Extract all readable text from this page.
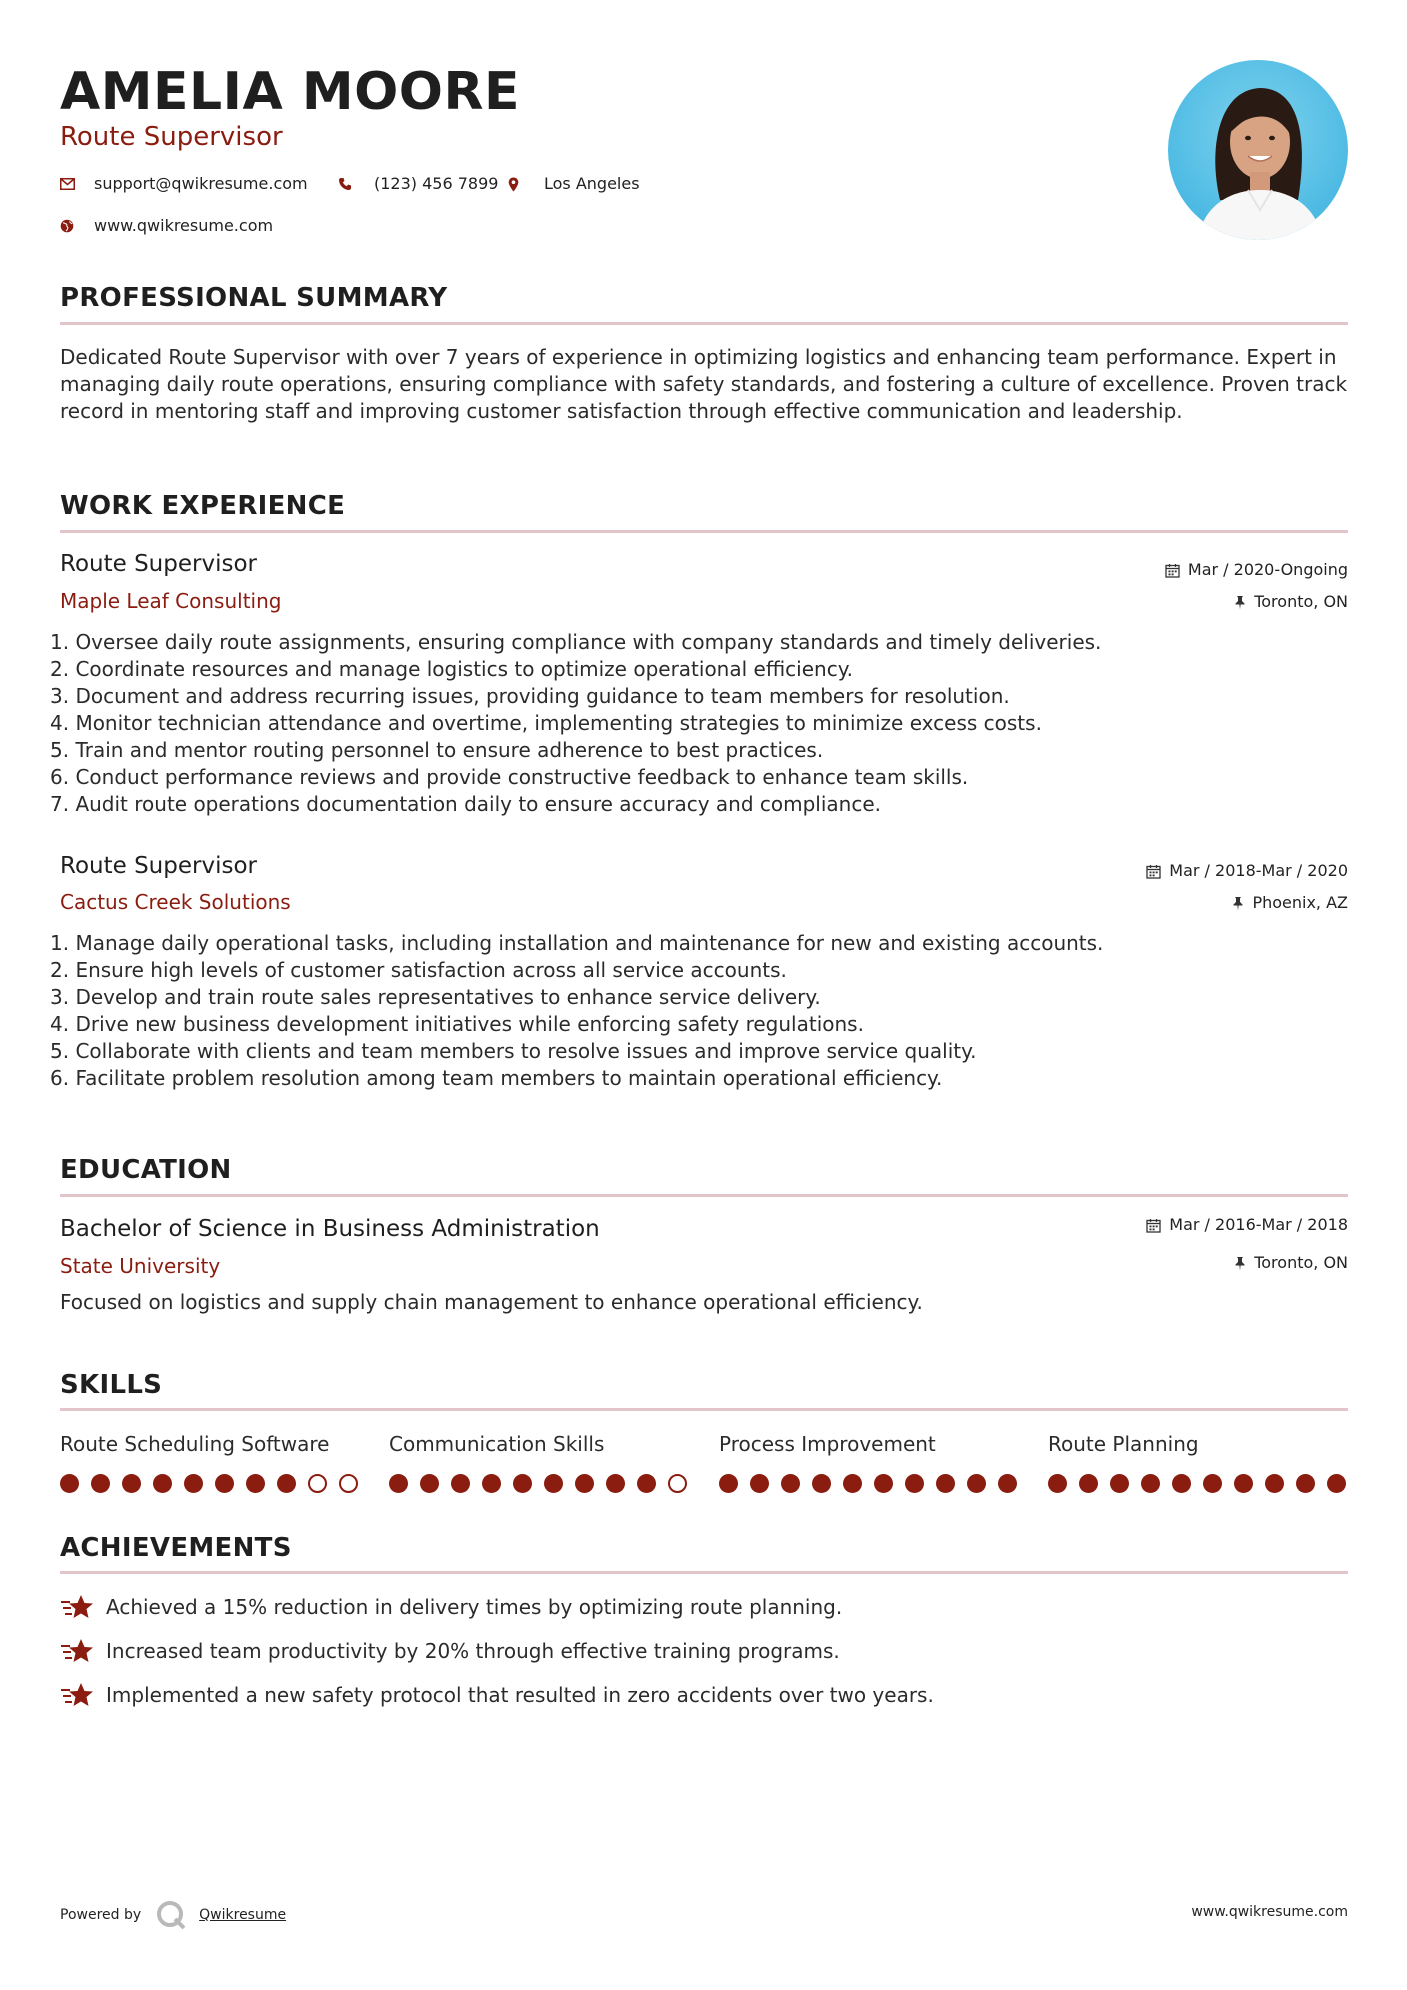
AMELIA MOORE
Route Supervisor
support@qwikresume.com	(123) 456 7899	Los Angeles
www.qwikresume.com
PROFESSIONAL SUMMARY
Dedicated Route Supervisor with over 7 years of experience in optimizing logistics and enhancing team performance. Expert in managing daily route operations, ensuring compliance with safety standards, and fostering a culture of excellence. Proven track record in mentoring staff and improving customer satisfaction through effective communication and leadership.
WORK EXPERIENCE
Route Supervisor
Maple Leaf Consulting
Mar / 2020-Ongoing
Toronto, ON
1. Oversee daily route assignments, ensuring compliance with company standards and timely deliveries.
2. Coordinate resources and manage logistics to optimize operational efficiency.
3. Document and address recurring issues, providing guidance to team members for resolution.
4. Monitor technician attendance and overtime, implementing strategies to minimize excess costs.
5. Train and mentor routing personnel to ensure adherence to best practices.
6. Conduct performance reviews and provide constructive feedback to enhance team skills.
7. Audit route operations documentation daily to ensure accuracy and compliance.
Route Supervisor
Cactus Creek Solutions
Mar / 2018-Mar / 2020
Phoenix, AZ
1. Manage daily operational tasks, including installation and maintenance for new and existing accounts.
2. Ensure high levels of customer satisfaction across all service accounts.
3. Develop and train route sales representatives to enhance service delivery.
4. Drive new business development initiatives while enforcing safety regulations.
5. Collaborate with clients and team members to resolve issues and improve service quality.
6. Facilitate problem resolution among team members to maintain operational efficiency.
EDUCATION
Bachelor of Science in Business Administration
State University
Mar / 2016-Mar / 2018
Toronto, ON
Focused on logistics and supply chain management to enhance operational efficiency.
SKILLS
Route Scheduling Software	Communication Skills	Process Improvement	Route Planning
ACHIEVEMENTS
Achieved a 15% reduction in delivery times by optimizing route planning.
Increased team productivity by 20% through effective training programs.
Implemented a new safety protocol that resulted in zero accidents over two years.
Powered by	Qwikresume	www.qwikresume.com
